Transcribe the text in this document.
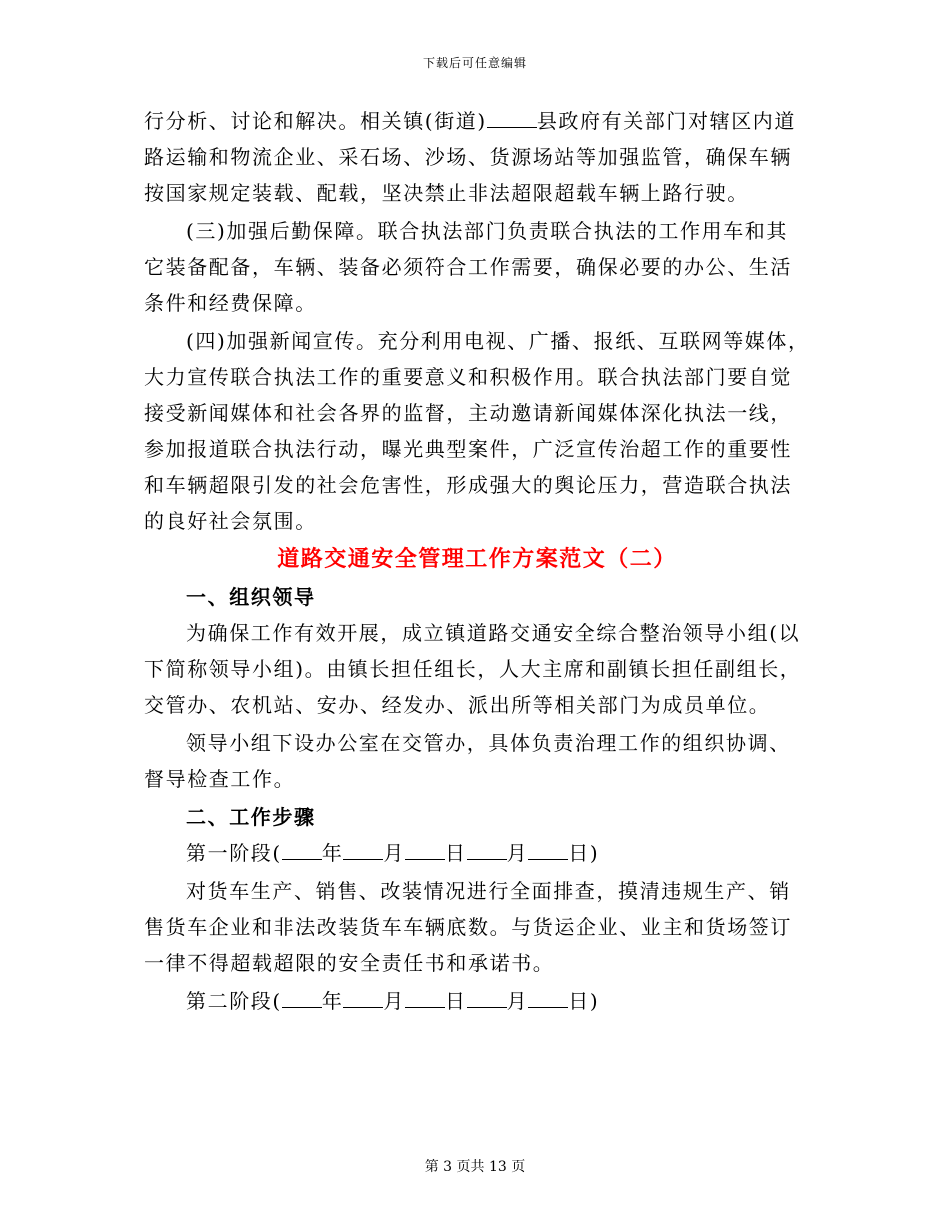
下载后可任意编辑
行分析、讨论和解决。相关镇(街道)	县政府有关部门对辖区内道
路运输和物流企业、采石场、沙场、货源场站等加强监管，确保车辆
按国家规定装载、配载，坚决禁止非法超限超载车辆上路行驶。
(三)加强后勤保障。联合执法部门负责联合执法的工作用车和其
它装备配备，车辆、装备必须符合工作需要，确保必要的办公、生活
条件和经费保障。
(四)加强新闻宣传。充分利用电视、广播、报纸、互联网等媒体，
大力宣传联合执法工作的重要意义和积极作用。联合执法部门要自觉
接受新闻媒体和社会各界的监督，主动邀请新闻媒体深化执法一线，
参加报道联合执法行动，曝光典型案件，广泛宣传治超工作的重要性
和车辆超限引发的社会危害性，形成强大的舆论压力，营造联合执法
的良好社会氛围。
道路交通安全管理工作方案范文（二）
一、组织领导
为确保工作有效开展，成立镇道路交通安全综合整治领导小组(以
下简称领导小组)。由镇长担任组长，人大主席和副镇长担任副组长，
交管办、农机站、安办、经发办、派出所等相关部门为成员单位。
领导小组下设办公室在交管办，具体负责治理工作的组织协调、
督导检查工作。
二、工作步骤
第一阶段( 年 月 日 月 日)
对货车生产、销售、改装情况进行全面排查，摸清违规生产、销
售货车企业和非法改装货车车辆底数。与货运企业、业主和货场签订
一律不得超载超限的安全责任书和承诺书。
第二阶段( 年 月 日 月 日)
第 3 页共 13 页
